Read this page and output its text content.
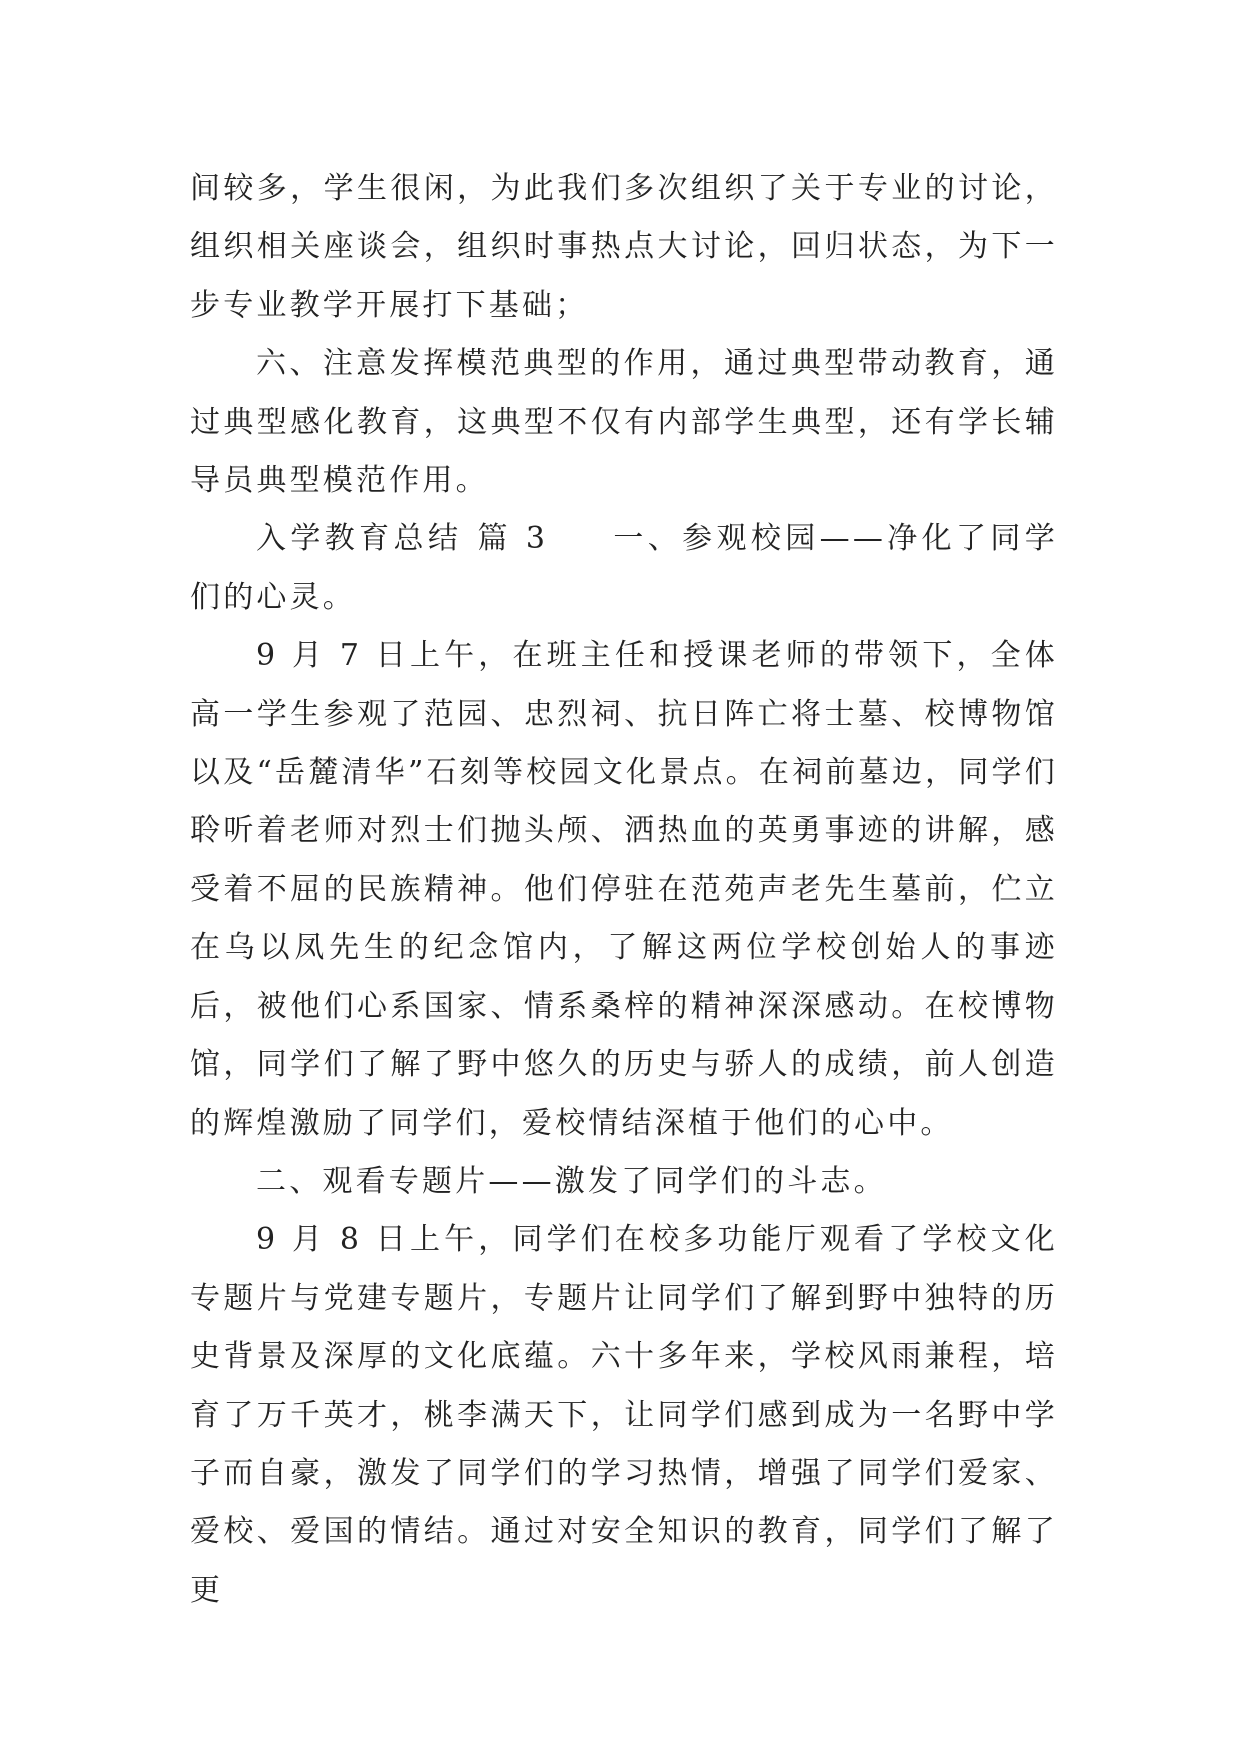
间较多，学生很闲，为此我们多次组织了关于专业的讨论，组织相关座谈会，组织时事热点大讨论，回归状态，为下一步专业教学开展打下基础；

六、注意发挥模范典型的作用，通过典型带动教育，通过典型感化教育，这典型不仅有内部学生典型，还有学长辅导员典型模范作用。

入学教育总结 篇 3 一、参观校园——净化了同学们的心灵。

9 月 7 日上午，在班主任和授课老师的带领下，全体高一学生参观了范园、忠烈祠、抗日阵亡将士墓、校博物馆以及“岳麓清华”石刻等校园文化景点。在祠前墓边，同学们聆听着老师对烈士们抛头颅、洒热血的英勇事迹的讲解，感受着不屈的民族精神。他们停驻在范苑声老先生墓前，伫立在乌以凤先生的纪念馆内，了解这两位学校创始人的事迹后，被他们心系国家、情系桑梓的精神深深感动。在校博物馆，同学们了解了野中悠久的历史与骄人的成绩，前人创造的辉煌激励了同学们，爱校情结深植于他们的心中。

二、观看专题片——激发了同学们的斗志。

9 月 8 日上午，同学们在校多功能厅观看了学校文化专题片与党建专题片，专题片让同学们了解到野中独特的历史背景及深厚的文化底蕴。六十多年来，学校风雨兼程，培育了万千英才，桃李满天下，让同学们感到成为一名野中学子而自豪，激发了同学们的学习热情，增强了同学们爱家、爱校、爱国的情结。通过对安全知识的教育，同学们了解了更
